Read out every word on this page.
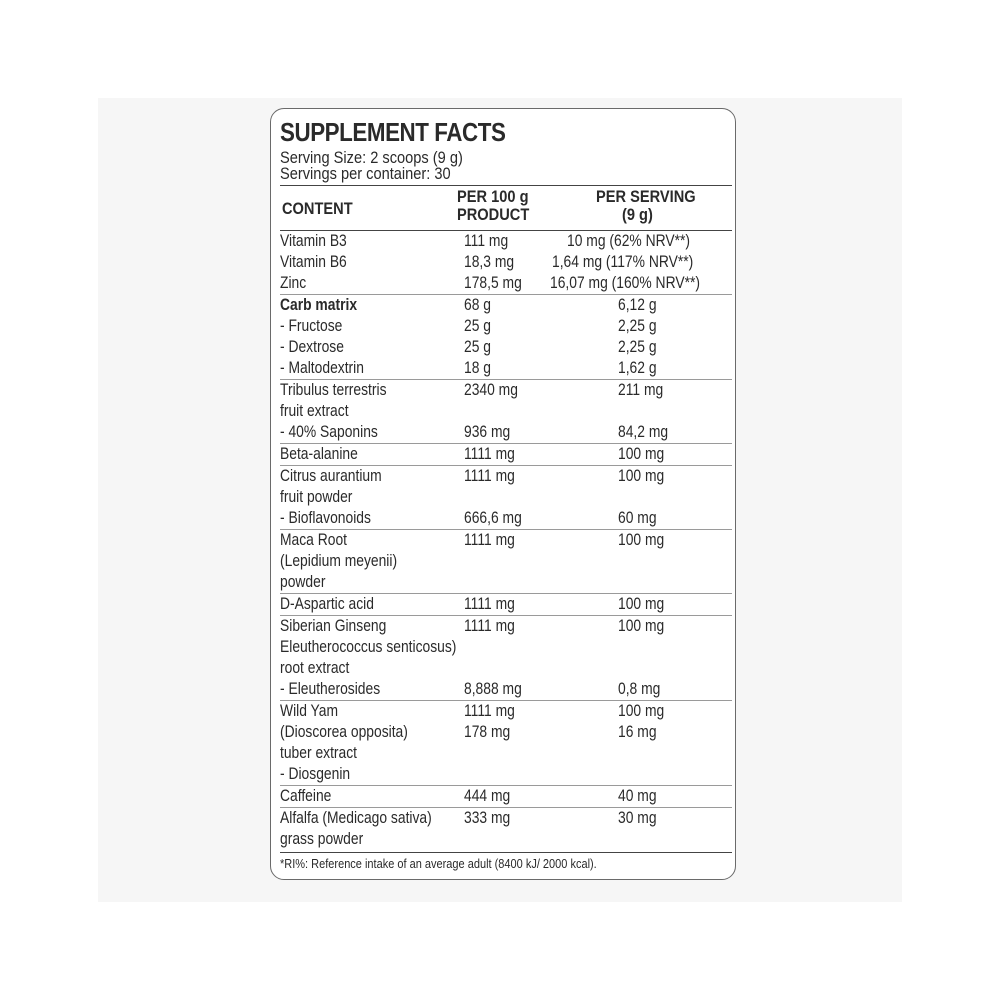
SUPPLEMENT FACTS
Serving Size: 2 scoops (9 g)
Servings per container: 30
CONTENT
PER 100 g
PRODUCT
PER SERVING
(9 g)
Vitamin B3	111 mg	10 mg (62% NRV**)
Vitamin B6	18,3 mg 1,64 mg (117% NRV**)
Zinc	178,5 mg 16,07 mg (160% NRV**)
Carb matrix	68 g	6,12 g
- Fructose	25 g	2,25 g
- Dextrose	25 g	2,25 g
- Maltodextrin	18 g	1,62 g
Tribulus terrestris	2340 mg	211 mg
fruit extract
- 40% Saponins	936 mg	84,2 mg
Beta-alanine	1111 mg	100 mg
Citrus aurantium	1111 mg	100 mg
fruit powder
- Bioflavonoids	666,6 mg	60 mg
Maca Root	1111 mg	100 mg
(Lepidium meyenii)
powder
D-Aspartic acid	1111 mg	100 mg
Siberian Ginseng	1111 mg	100 mg
Eleutherococcus senticosus)
root extract
- Eleutherosides	8,888 mg	0,8 mg
Wild Yam	1111 mg	100 mg
(Dioscorea opposita)	178 mg	16 mg
tuber extract
- Diosgenin
Caffeine	444 mg	40 mg
Alfalfa (Medicago sativa) 333 mg	30 mg
grass powder
*RI%: Reference intake of an average adult (8400 kJ/ 2000 kcal).
